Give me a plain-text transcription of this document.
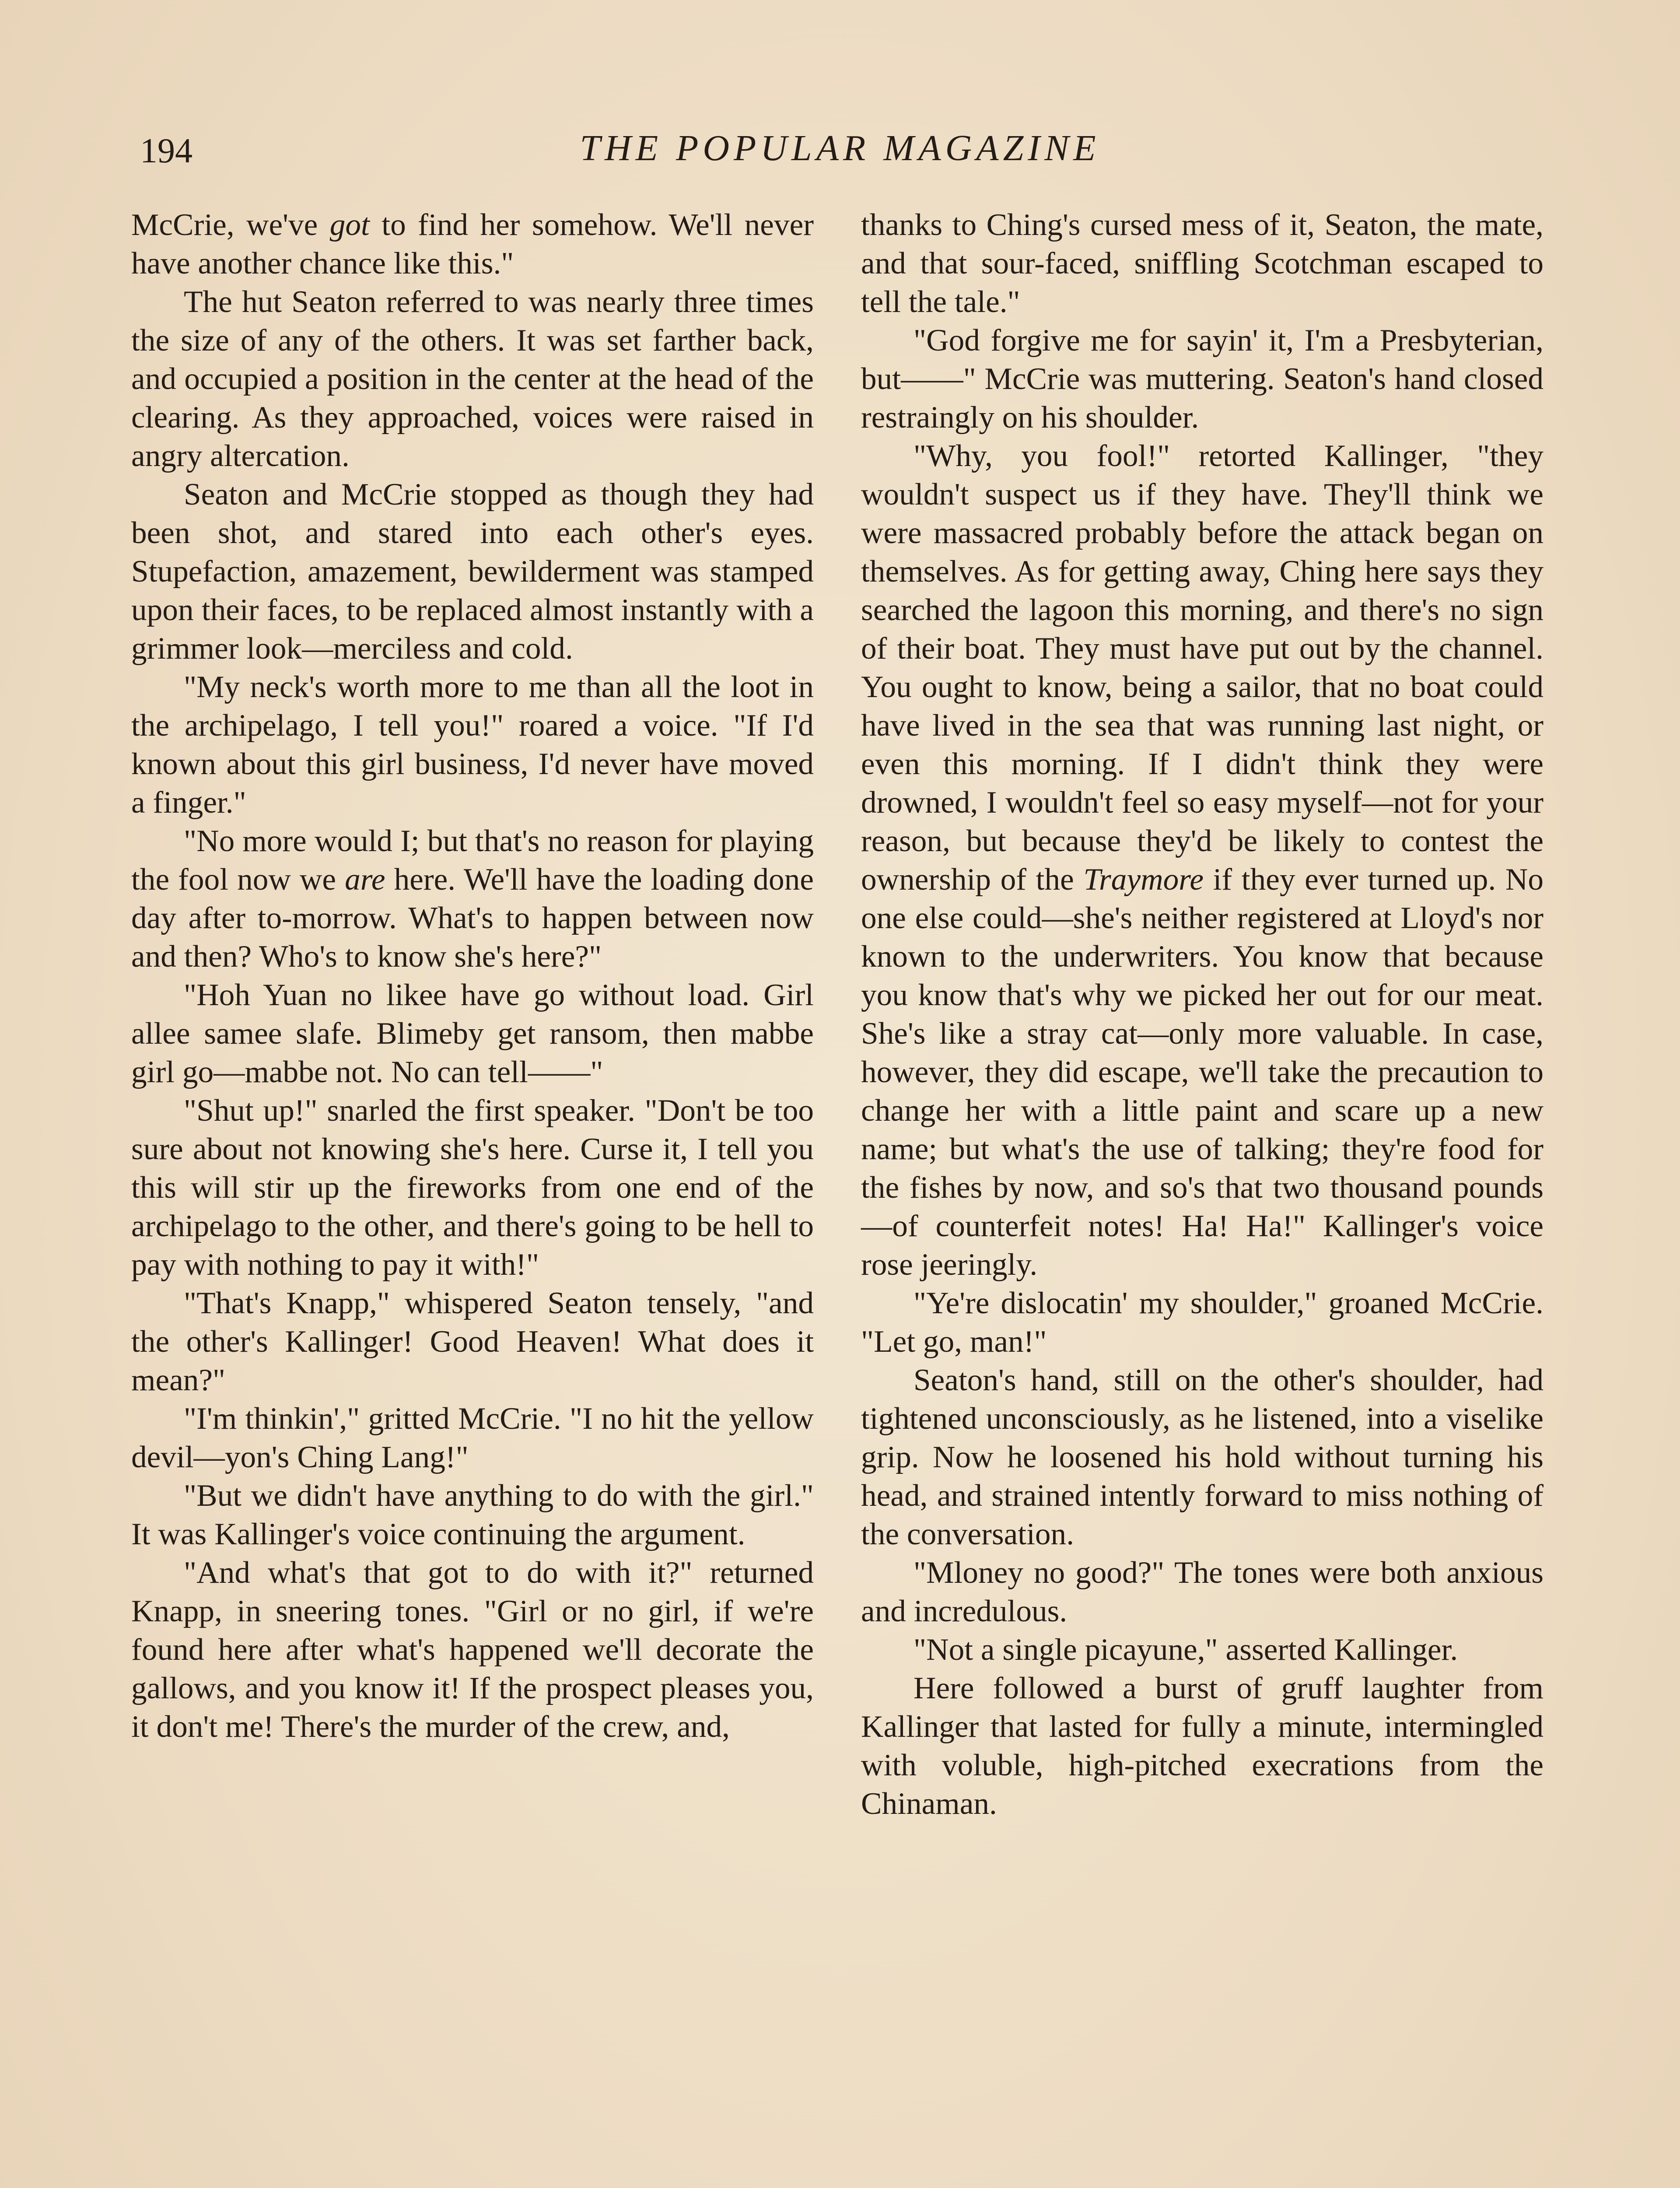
194	THE POPULAR MAGAZINE

McCrie, we've got to find her somehow. We'll never have another chance like this."

The hut Seaton referred to was nearly three times the size of any of the others. It was set farther back, and occupied a position in the center at the head of the clearing. As they approached, voices were raised in angry altercation.

Seaton and McCrie stopped as though they had been shot, and stared into each other's eyes. Stupefaction, amazement, bewilderment was stamped upon their faces, to be replaced almost instantly with a grimmer look—merciless and cold.

"My neck's worth more to me than all the loot in the archipelago, I tell you!" roared a voice. "If I'd known about this girl business, I'd never have moved a finger."

"No more would I; but that's no reason for playing the fool now we are here. We'll have the loading done day after to-morrow. What's to happen between now and then? Who's to know she's here?"

"Hoh Yuan no likee have go without load. Girl allee samee slafe. Blimeby get ransom, then mabbe girl go—mabbe not. No can tell——"

"Shut up!" snarled the first speaker. "Don't be too sure about not knowing she's here. Curse it, I tell you this will stir up the fireworks from one end of the archipelago to the other, and there's going to be hell to pay with nothing to pay it with!"

"That's Knapp," whispered Seaton tensely, "and the other's Kallinger! Good Heaven! What does it mean?"

"I'm thinkin'," gritted McCrie. "I no hit the yellow devil—yon's Ching Lang!"

"But we didn't have anything to do with the girl." It was Kallinger's voice continuing the argument.

"And what's that got to do with it?" returned Knapp, in sneering tones. "Girl or no girl, if we're found here after what's happened we'll decorate the gallows, and you know it! If the prospect pleases you, it don't me! There's the murder of the crew, and,

thanks to Ching's cursed mess of it, Seaton, the mate, and that sour-faced, sniffling Scotchman escaped to tell the tale."

"God forgive me for sayin' it, I'm a Presbyterian, but——" McCrie was muttering. Seaton's hand closed restraingly on his shoulder.

"Why, you fool!" retorted Kallinger, "they wouldn't suspect us if they have. They'll think we were massacred probably before the attack began on themselves. As for getting away, Ching here says they searched the lagoon this morning, and there's no sign of their boat. They must have put out by the channel. You ought to know, being a sailor, that no boat could have lived in the sea that was running last night, or even this morning. If I didn't think they were drowned, I wouldn't feel so easy myself—not for your reason, but because they'd be likely to contest the ownership of the Traymore if they ever turned up. No one else could—she's neither registered at Lloyd's nor known to the underwriters. You know that because you know that's why we picked her out for our meat. She's like a stray cat—only more valuable. In case, however, they did escape, we'll take the precaution to change her with a little paint and scare up a new name; but what's the use of talking; they're food for the fishes by now, and so's that two thousand pounds—of counterfeit notes! Ha! Ha!" Kallinger's voice rose jeeringly.

"Ye're dislocatin' my shoulder," groaned McCrie. "Let go, man!"

Seaton's hand, still on the other's shoulder, had tightened unconsciously, as he listened, into a viselike grip. Now he loosened his hold without turning his head, and strained intently forward to miss nothing of the conversation.

"Mloney no good?" The tones were both anxious and incredulous.

"Not a single picayune," asserted Kallinger.

Here followed a burst of gruff laughter from Kallinger that lasted for fully a minute, intermingled with voluble, high-pitched execrations from the Chinaman.
